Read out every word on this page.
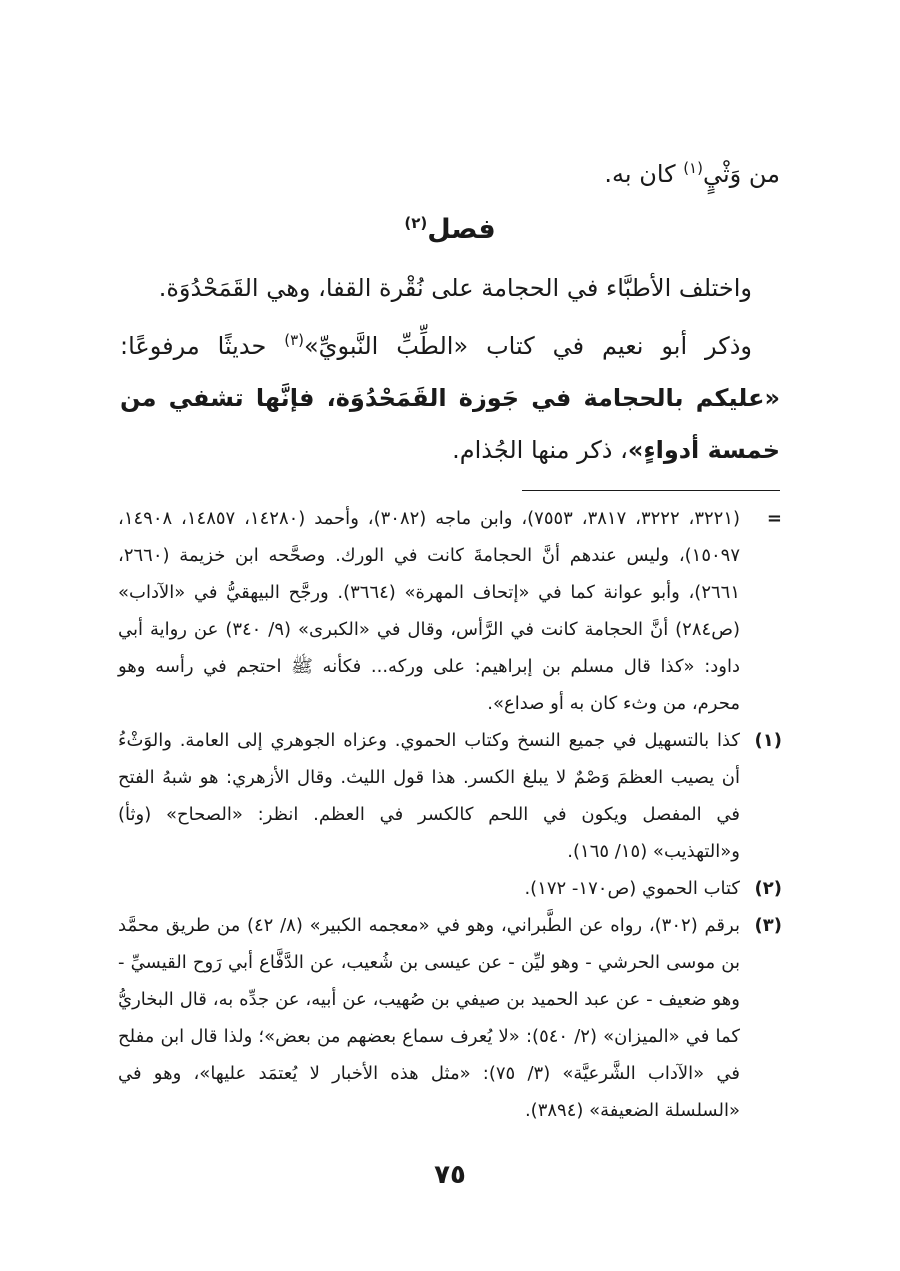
من وَثْيٍ$^{(١)}$ كان به.

فصل$^{(٢)}$

واختلف الأطبَّاء في الحجامة على نُقْرة القفا، وهي القَمَحْدُوَة.

وذكر أبو نعيم في كتاب «الطِّبِّ النَّبويِّ»$^{(٣)}$ حديثًا مرفوعًا: «عليكم بالحجامة في جَوزة القَمَحْدُوَة، فإنَّها تشفي من خمسة أدواءٍ»، ذكر منها الجُذام.

=
(٣٢٢١، ٣٢٢٢، ٣٨١٧، ٧٥٥٣)، وابن ماجه (٣٠٨٢)، وأحمد (١٤٢٨٠، ١٤٨٥٧، ١٤٩٠٨، ١٥٠٩٧)، وليس عندهم أنَّ الحجامةَ كانت في الورك. وصحَّحه ابن خزيمة (٢٦٦٠، ٢٦٦١)، وأبو عوانة كما في «إتحاف المهرة» (٣٦٦٤). ورجَّح البيهقيُّ في «الآداب» (ص٢٨٤) أنَّ الحجامة كانت في الرَّأس، وقال في «الكبرى» (٩/ ٣٤٠) عن رواية أبي داود: «كذا قال مسلم بن إبراهيم: على وركه... فكأنه ﷺ احتجم في رأسه وهو محرم، من وثء كان به أو صداع».
(١)
كذا بالتسهيل في جميع النسخ وكتاب الحموي. وعزاه الجوهري إلى العامة. والوَثْءُ أن يصيب العظمَ وَصْمٌ لا يبلغ الكسر. هذا قول الليث. وقال الأزهري: هو شبهُ الفتح في المفصل ويكون في اللحم كالكسر في العظم. انظر: «الصحاح» (وثأ) و«التهذيب» (١٥/ ١٦٥).
(٢)
كتاب الحموي (ص١٧٠- ١٧٢).
(٣)
برقم (٣٠٢)، رواه عن الطَّبراني، وهو في «معجمه الكبير» (٨/ ٤٢) من طريق محمَّد بن موسى الحرشي - وهو ليِّن - عن عيسى بن شُعيب، عن الدَّفَّاع أبي رَوح القيسيِّ - وهو ضعيف - عن عبد الحميد بن صيفي بن صُهيب، عن أبيه، عن جدِّه به، قال البخاريُّ كما في «الميزان» (٢/ ٥٤٠): «لا يُعرف سماع بعضهم من بعض»؛ ولذا قال ابن مفلح في «الآداب الشَّرعيَّة» (٣/ ٧٥): «مثل هذه الأخبار لا يُعتمَد عليها»، وهو في «السلسلة الضعيفة» (٣٨٩٤).
٧٥
